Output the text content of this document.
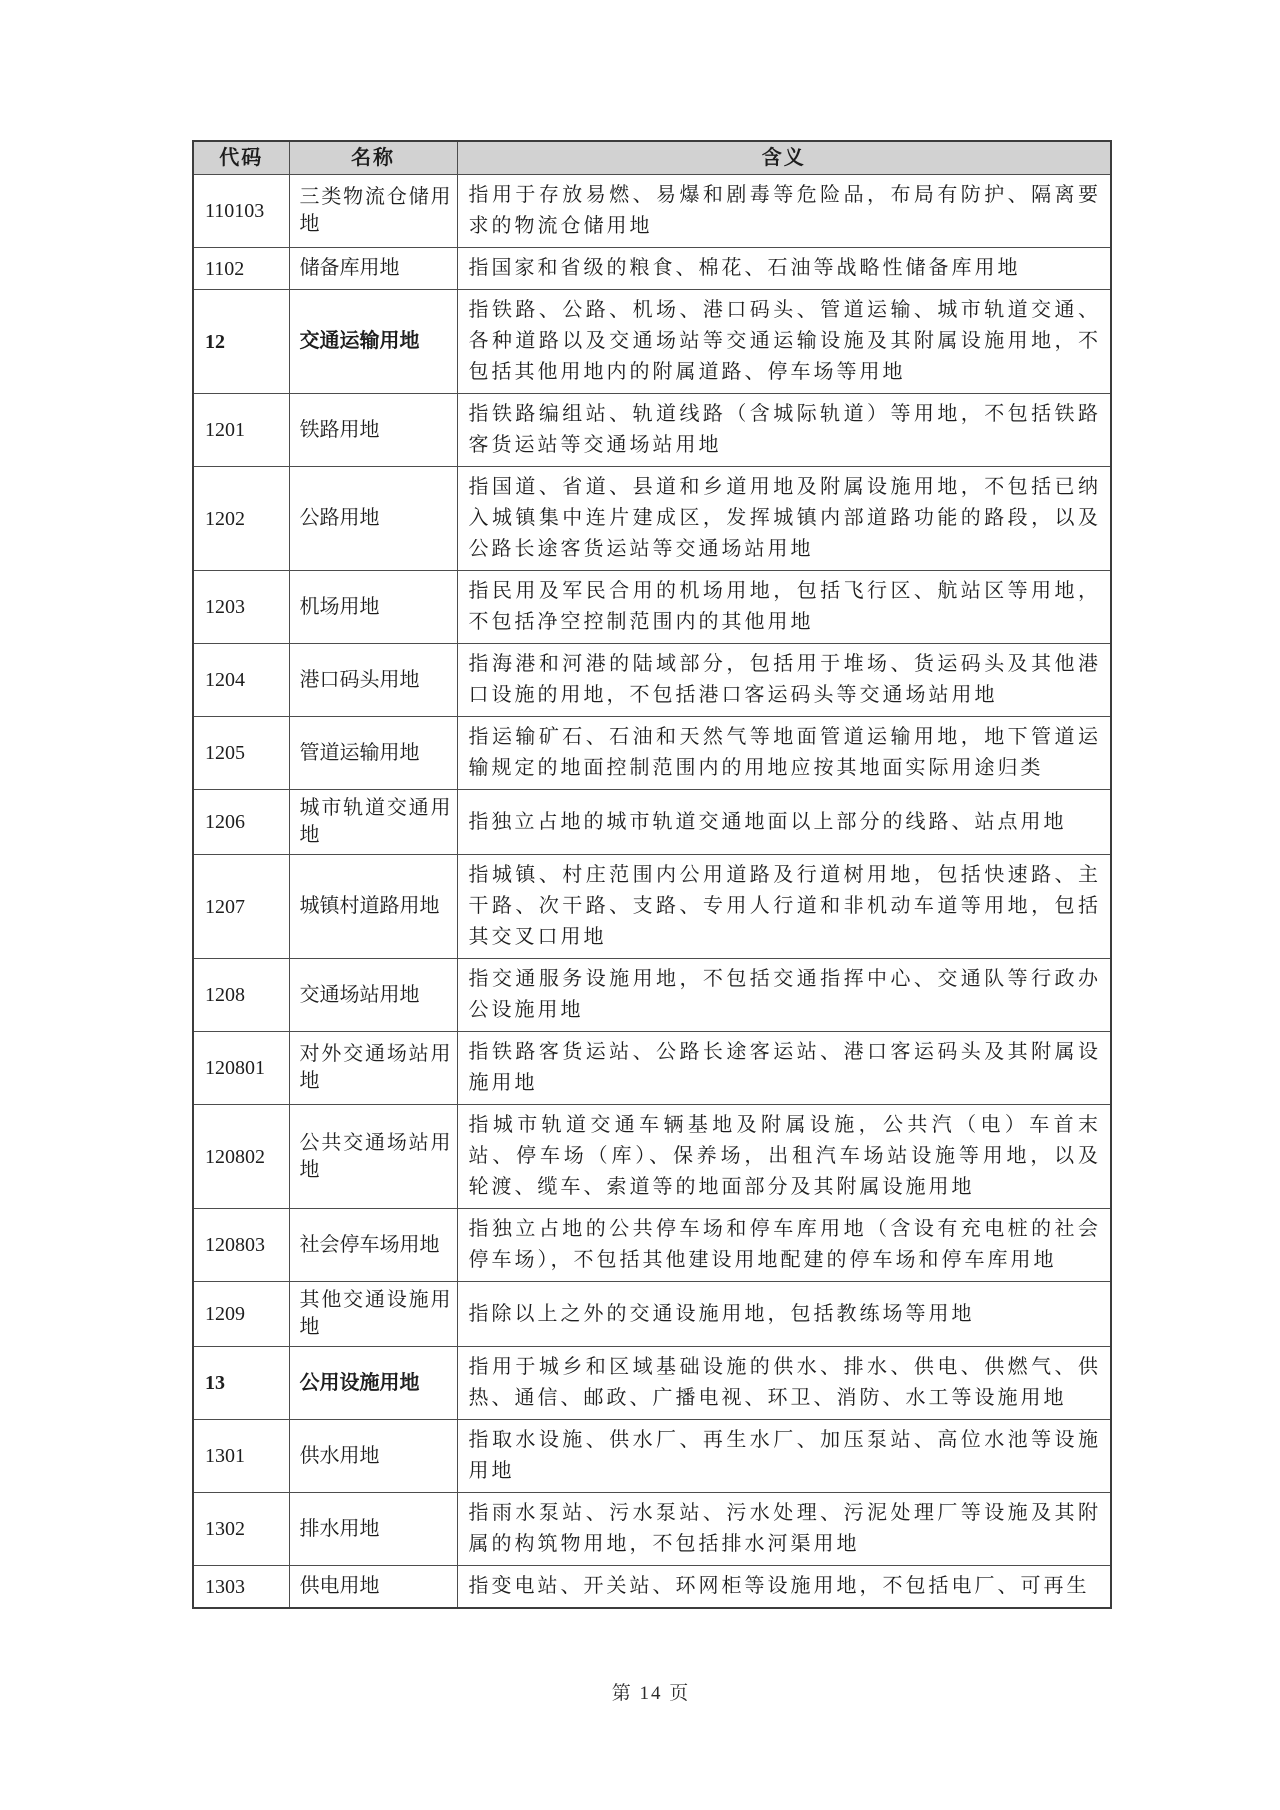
代码	名称	含义
110103	三类物流仓储用地	指用于存放易燃、易爆和剧毒等危险品，布局有防护、隔离要求的物流仓储用地
1102	储备库用地	指国家和省级的粮食、棉花、石油等战略性储备库用地
12	交通运输用地	指铁路、公路、机场、港口码头、管道运输、城市轨道交通、各种道路以及交通场站等交通运输设施及其附属设施用地，不包括其他用地内的附属道路、停车场等用地
1201	铁路用地	指铁路编组站、轨道线路（含城际轨道）等用地，不包括铁路客货运站等交通场站用地
1202	公路用地	指国道、省道、县道和乡道用地及附属设施用地，不包括已纳入城镇集中连片建成区，发挥城镇内部道路功能的路段，以及公路长途客货运站等交通场站用地
1203	机场用地	指民用及军民合用的机场用地，包括飞行区、航站区等用地，不包括净空控制范围内的其他用地
1204	港口码头用地	指海港和河港的陆域部分，包括用于堆场、货运码头及其他港口设施的用地，不包括港口客运码头等交通场站用地
1205	管道运输用地	指运输矿石、石油和天然气等地面管道运输用地，地下管道运输规定的地面控制范围内的用地应按其地面实际用途归类
1206	城市轨道交通用地	指独立占地的城市轨道交通地面以上部分的线路、站点用地
1207	城镇村道路用地	指城镇、村庄范围内公用道路及行道树用地，包括快速路、主干路、次干路、支路、专用人行道和非机动车道等用地，包括其交叉口用地
1208	交通场站用地	指交通服务设施用地，不包括交通指挥中心、交通队等行政办公设施用地
120801	对外交通场站用地	指铁路客货运站、公路长途客运站、港口客运码头及其附属设施用地
120802	公共交通场站用地	指城市轨道交通车辆基地及附属设施，公共汽（电）车首末站、停车场（库）、保养场，出租汽车场站设施等用地，以及轮渡、缆车、索道等的地面部分及其附属设施用地
120803	社会停车场用地	指独立占地的公共停车场和停车库用地（含设有充电桩的社会停车场），不包括其他建设用地配建的停车场和停车库用地
1209	其他交通设施用地	指除以上之外的交通设施用地，包括教练场等用地
13	公用设施用地	指用于城乡和区域基础设施的供水、排水、供电、供燃气、供热、通信、邮政、广播电视、环卫、消防、水工等设施用地
1301	供水用地	指取水设施、供水厂、再生水厂、加压泵站、高位水池等设施用地
1302	排水用地	指雨水泵站、污水泵站、污水处理、污泥处理厂等设施及其附属的构筑物用地，不包括排水河渠用地
1303	供电用地	指变电站、开关站、环网柜等设施用地，不包括电厂、可再生
第 14 页
